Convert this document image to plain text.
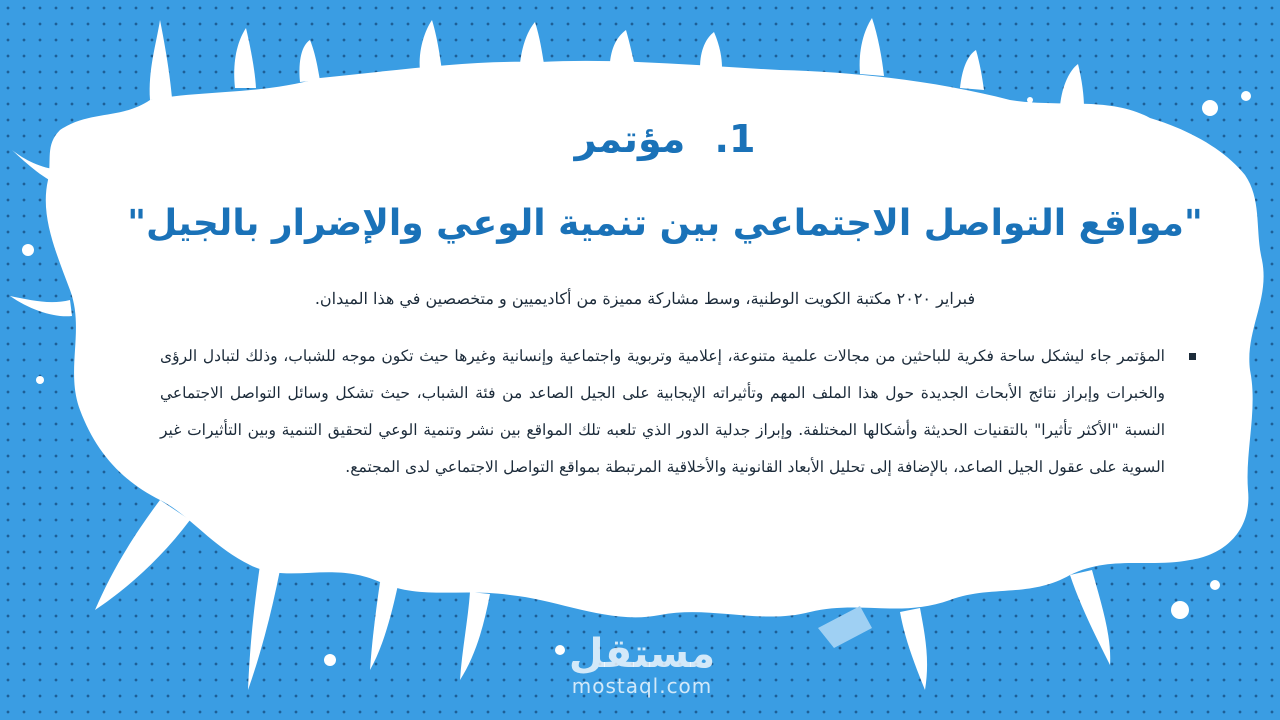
1. مؤتمر
"مواقع التواصل الاجتماعي بين تنمية الوعي والإضرار بالجيل"
فبراير ٢٠٢٠ مكتبة الكويت الوطنية، وسط مشاركة مميزة من أكاديميين و متخصصين في هذا الميدان.
المؤتمر جاء ليشكل ساحة فكرية للباحثين من مجالات علمية متنوعة، إعلامية وتربوية واجتماعية وإنسانية وغيرها حيث تكون موجه للشباب، وذلك لتبادل الرؤى والخبرات وإبراز نتائج الأبحاث الجديدة حول هذا الملف المهم وتأثيراته الإيجابية على الجيل الصاعد من فئة الشباب، حيث تشكل وسائل التواصل الاجتماعي النسبة "الأكثر تأثيرا" بالتقنيات الحديثة وأشكالها المختلفة. وإبراز جدلية الدور الذي تلعبه تلك المواقع بين نشر وتنمية الوعي لتحقيق التنمية وبين التأثيرات غير السوية على عقول الجيل الصاعد، بالإضافة إلى تحليل الأبعاد القانونية والأخلاقية المرتبطة بمواقع التواصل الاجتماعي لدى المجتمع.
مستقل
mostaql.com
